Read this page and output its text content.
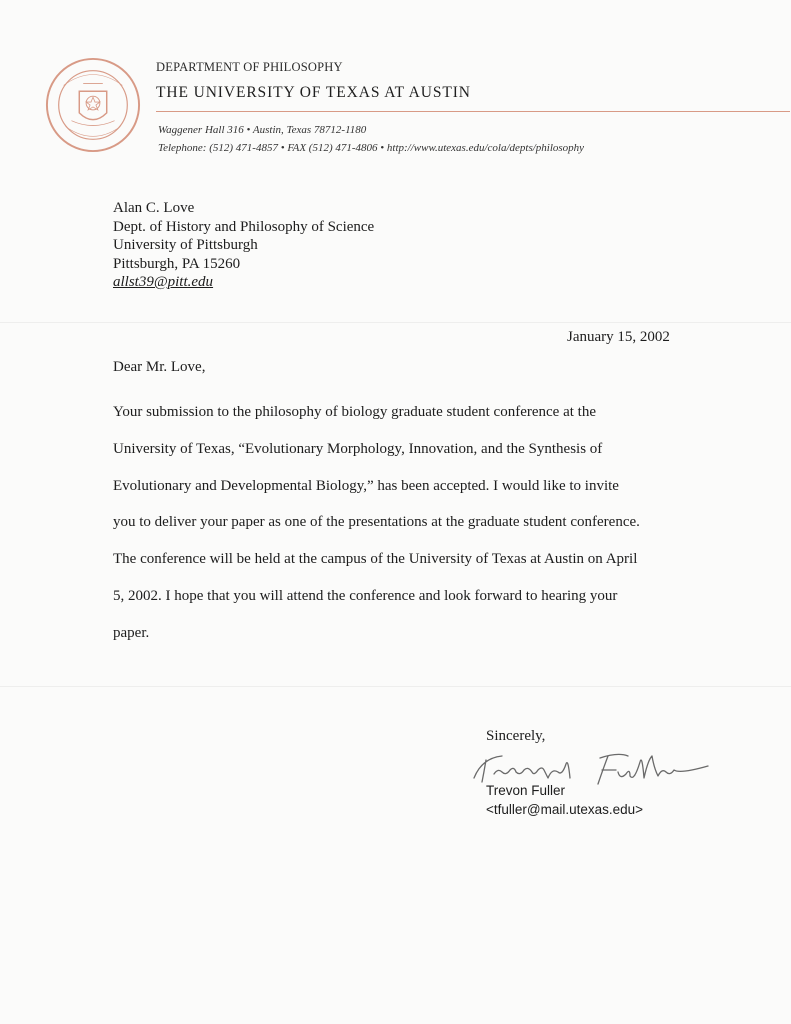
DEPARTMENT OF PHILOSOPHY
THE UNIVERSITY OF TEXAS AT AUSTIN
Waggener Hall 316 • Austin, Texas 78712-1180
Telephone: (512) 471-4857 • FAX (512) 471-4806 • http://www.utexas.edu/cola/depts/philosophy
Alan C. Love
Dept. of History and Philosophy of Science
University of Pittsburgh
Pittsburgh, PA 15260
allst39@pitt.edu
January 15, 2002
Dear Mr. Love,
Your submission to the philosophy of biology graduate student conference at the
University of Texas, “Evolutionary Morphology, Innovation, and the Synthesis of
Evolutionary and Developmental Biology,” has been accepted. I would like to invite
you to deliver your paper as one of the presentations at the graduate student conference.
The conference will be held at the campus of the University of Texas at Austin on April
5, 2002. I hope that you will attend the conference and look forward to hearing your
paper.
Sincerely,
Trevon Fuller
<tfuller@mail.utexas.edu>
